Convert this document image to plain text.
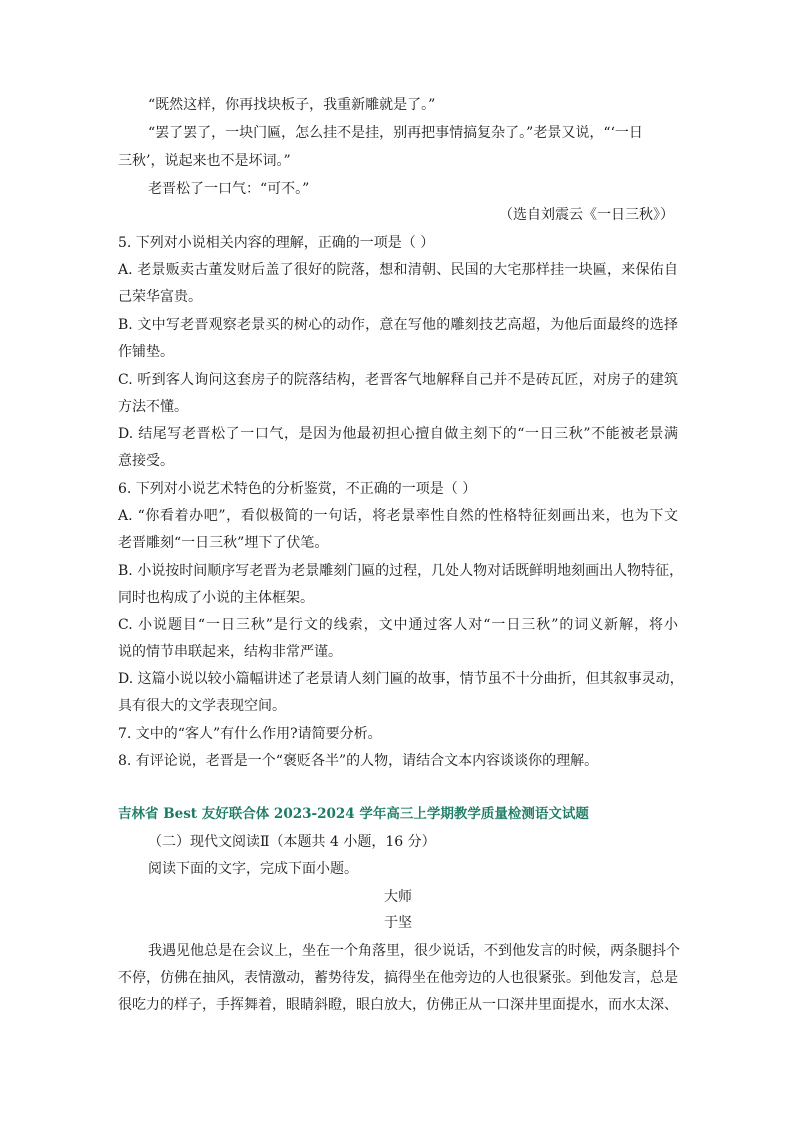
“既然这样，你再找块板子，我重新雕就是了。”
“罢了罢了，一块门匾，怎么挂不是挂，别再把事情搞复杂了。”老景又说，“‘一日
三秋’，说起来也不是坏词。”
老晋松了一口气：“可不。”
（选自刘震云《一日三秋》）
5. 下列对小说相关内容的理解，正确的一项是（ ）
A. 老景贩卖古董发财后盖了很好的院落，想和清朝、民国的大宅那样挂一块匾，来保佑自
己荣华富贵。
B. 文中写老晋观察老景买的树心的动作，意在写他的雕刻技艺高超，为他后面最终的选择
作铺垫。
C. 听到客人询问这套房子的院落结构，老晋客气地解释自己并不是砖瓦匠，对房子的建筑
方法不懂。
D. 结尾写老晋松了一口气，是因为他最初担心擅自做主刻下的“一日三秋”不能被老景满
意接受。
6. 下列对小说艺术特色的分析鉴赏，不正确的一项是（ ）
A. “你看着办吧”，看似极简的一句话，将老景率性自然的性格特征刻画出来，也为下文
老晋雕刻“一日三秋”埋下了伏笔。
B. 小说按时间顺序写老晋为老景雕刻门匾的过程，几处人物对话既鲜明地刻画出人物特征，
同时也构成了小说的主体框架。
C. 小说题目“一日三秋”是行文的线索，文中通过客人对“一日三秋”的词义新解，将小
说的情节串联起来，结构非常严谨。
D. 这篇小说以较小篇幅讲述了老景请人刻门匾的故事，情节虽不十分曲折，但其叙事灵动，
具有很大的文学表现空间。
7. 文中的“客人”有什么作用?请简要分析。
8. 有评论说，老晋是一个“褒贬各半”的人物，请结合文本内容谈谈你的理解。
吉林省 Best 友好联合体 2023-2024 学年高三上学期教学质量检测语文试题
（二）现代文阅读Ⅱ（本题共 4 小题，16 分）
阅读下面的文字，完成下面小题。
大师
于坚
我遇见他总是在会议上，坐在一个角落里，很少说话，不到他发言的时候，两条腿抖个
不停，仿佛在抽风，表情激动，蓄势待发，搞得坐在他旁边的人也很紧张。到他发言，总是
很吃力的样子，手挥舞着，眼睛斜瞪，眼白放大，仿佛正从一口深井里面提水，而水太深、
